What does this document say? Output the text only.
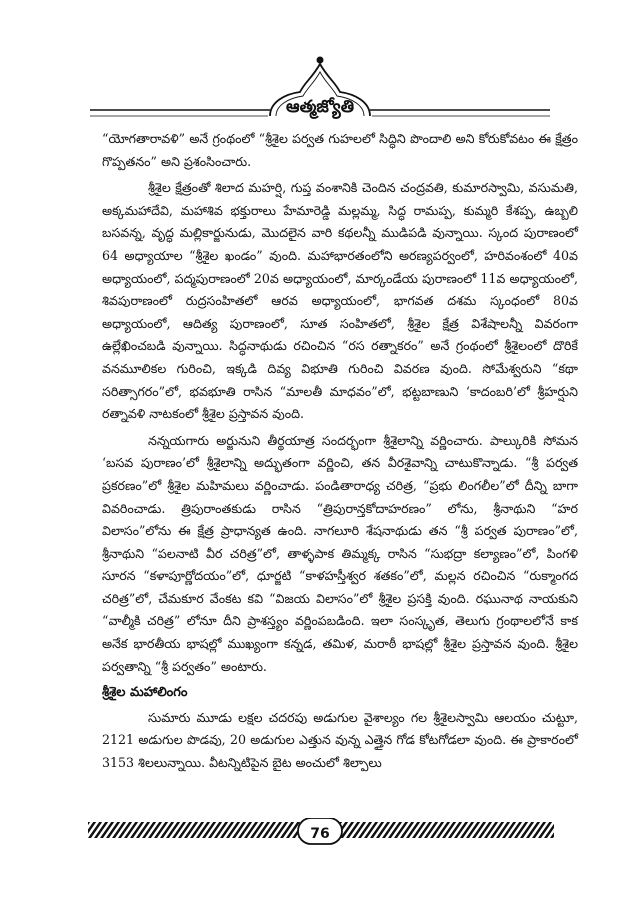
ఆత్మజ్యోతి

“యోగతారావళి” అనే గ్రంథంలో “శ్రీశైల పర్వత గుహలలో సిద్ధిని పొందాలి అని కోరుకోవటం ఈ క్షేత్రం గొప్పతనం” అని ప్రశంసించారు.

శ్రీశైల క్షేత్రంతో శిలాద మహర్షి, గుప్త వంశానికి చెందిన చంద్రవతి, కుమారస్వామి, వసుమతి, అక్కమహాదేవి, మహాశివ భక్తురాలు హేమారెడ్డి మల్లమ్మ, సిద్ధ రామప్ప, కుమ్మరి కేశప్ప, ఉబ్బలి బసవన్న, వృద్ధ మల్లికార్జునుడు, మొదలైన వారి కథలన్నీ ముడిపడి వున్నాయి. స్కంద పురాణంలో 64 అధ్యాయాల “శ్రీశైల ఖండం” వుంది. మహాభారతంలోని అరణ్యపర్వంలో, హరివంశంలో 40వ అధ్యాయంలో, పద్మపురాణంలో 20వ అధ్యాయంలో, మార్కండేయ పురాణంలో 11వ అధ్యాయంలో, శివపురాణంలో రుద్రసంహితలో ఆరవ అధ్యాయంలో, భాగవత దశమ స్కంధంలో 80వ అధ్యాయంలో, ఆదిత్య పురాణంలో, సూత సంహితలో, శ్రీశైల క్షేత్ర విశేషాలన్నీ వివరంగా ఉల్లేఖించబడి వున్నాయి. సిద్ధనాథుడు రచించిన “రస రత్నాకరం” అనే గ్రంథంలో శ్రీశైలంలో దొరికే వనమూలికల గురించి, ఇక్కడి దివ్య విభూతి గురించి వివరణ వుంది. సోమేశ్వరుని “కథా సరిత్సాగరం”లో, భవభూతి రాసిన “మాలతీ మాధవం”లో, భట్టబాణుని ‘కాదంబరి’లో శ్రీహర్షుని రత్నావళి నాటకంలో శ్రీశైల ప్రస్తావన వుంది.

నన్నయగారు అర్జునుని తీర్థయాత్ర సందర్భంగా శ్రీశైలాన్ని వర్ణించారు. పాల్కురికి సోమన ‘బసవ పురాణం’లో శ్రీశైలాన్ని అద్భుతంగా వర్ణించి, తన వీరశైవాన్ని చాటుకొన్నాడు. “శ్రీ పర్వత ప్రకరణం”లో శ్రీశైల మహిమలు వర్ణించాడు. పండితారాధ్య చరిత్ర, “ప్రభు లింగలీల”లో దీన్ని బాగా వివరించాడు. త్రిపురాంతకుడు రాసిన “త్రిపురాన్తకోదాహరణం” లోను, శ్రీనాథుని “హర విలాసం”లోను ఈ క్షేత్ర ప్రాధాన్యత ఉంది. నాగలూరి శేషనాథుడు తన “శ్రీ పర్వత పురాణం”లో, శ్రీనాథుని “పలనాటి వీర చరిత్ర”లో, తాళ్ళపాక తిమ్మక్క రాసిన “సుభద్రా కల్యాణం”లో, పింగళి సూరన “కళాపూర్ణోదయం”లో, ధూర్జటి “కాళహస్తీశ్వర శతకం”లో, మల్లన రచించిన “రుక్మాంగద చరిత్ర”లో, చేమకూర వేంకట కవి “విజయ విలాసం”లో శ్రీశైల ప్రసక్తి వుంది. రఘునాథ నాయకుని “వాల్మీకి చరిత్ర” లోనూ దీని ప్రాశస్త్యం వర్ణింపబడింది. ఇలా సంస్కృత, తెలుగు గ్రంథాలలోనే కాక అనేక భారతీయ భాషల్లో ముఖ్యంగా కన్నడ, తమిళ, మరాఠీ భాషల్లో శ్రీశైల ప్రస్తావన వుంది. శ్రీశైల పర్వతాన్ని “శ్రీ పర్వతం” అంటారు.

శ్రీశైల మహాలింగం

సుమారు మూడు లక్షల చదరపు అడుగుల వైశాల్యం గల శ్రీశైలస్వామి ఆలయం చుట్టూ, 2121 అడుగుల పొడవు, 20 అడుగుల ఎత్తున వున్న ఎత్తైన గోడ కోటగోడలా వుంది. ఈ ప్రాకారంలో 3153 శిలలున్నాయి. వీటన్నిటిపైన బైట అంచులో శిల్పాలు

76
